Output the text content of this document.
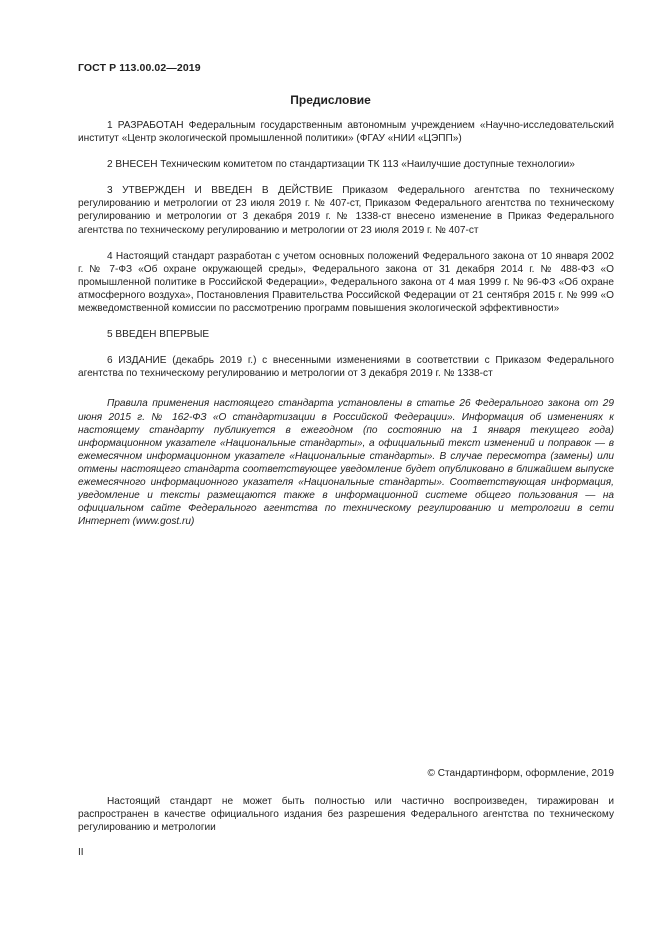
ГОСТ Р 113.00.02—2019
Предисловие

1 РАЗРАБОТАН Федеральным государственным автономным учреждением «Научно-исследовательский институт «Центр экологической промышленной политики» (ФГАУ «НИИ «ЦЭПП»)

2 ВНЕСЕН Техническим комитетом по стандартизации ТК 113 «Наилучшие доступные технологии»

3 УТВЕРЖДЕН И ВВЕДЕН В ДЕЙСТВИЕ Приказом Федерального агентства по техническому регулированию и метрологии от 23 июля 2019 г. № 407-ст, Приказом Федерального агентства по техническому регулированию и метрологии от 3 декабря 2019 г. № 1338-ст внесено изменение в Приказ Федерального агентства по техническому регулированию и метрологии от 23 июля 2019 г. № 407-ст

4 Настоящий стандарт разработан с учетом основных положений Федерального закона от 10 января 2002 г. № 7-ФЗ «Об охране окружающей среды», Федерального закона от 31 декабря 2014 г. № 488-ФЗ «О промышленной политике в Российской Федерации», Федерального закона от 4 мая 1999 г. № 96-ФЗ «Об охране атмосферного воздуха», Постановления Правительства Российской Федерации от 21 сентября 2015 г. № 999 «О межведомственной комиссии по рассмотрению программ повышения экологической эффективности»

5 ВВЕДЕН ВПЕРВЫЕ

6 ИЗДАНИЕ (декабрь 2019 г.) с внесенными изменениями в соответствии с Приказом Федерального агентства по техническому регулированию и метрологии от 3 декабря 2019 г. № 1338-ст

Правила применения настоящего стандарта установлены в статье 26 Федерального закона от 29 июня 2015 г. № 162-ФЗ «О стандартизации в Российской Федерации». Информация об изменениях к настоящему стандарту публикуется в ежегодном (по состоянию на 1 января текущего года) информационном указателе «Национальные стандарты», а официальный текст изменений и поправок — в ежемесячном информационном указателе «Национальные стандарты». В случае пересмотра (замены) или отмены настоящего стандарта соответствующее уведомление будет опубликовано в ближайшем выпуске ежемесячного информационного указателя «Национальные стандарты». Соответствующая информация, уведомление и тексты размещаются также в информационной системе общего пользования — на официальном сайте Федерального агентства по техническому регулированию и метрологии в сети Интернет (www.gost.ru)

© Стандартинформ, оформление, 2019

Настоящий стандарт не может быть полностью или частично воспроизведен, тиражирован и распространен в качестве официального издания без разрешения Федерального агентства по техническому регулированию и метрологии

II
